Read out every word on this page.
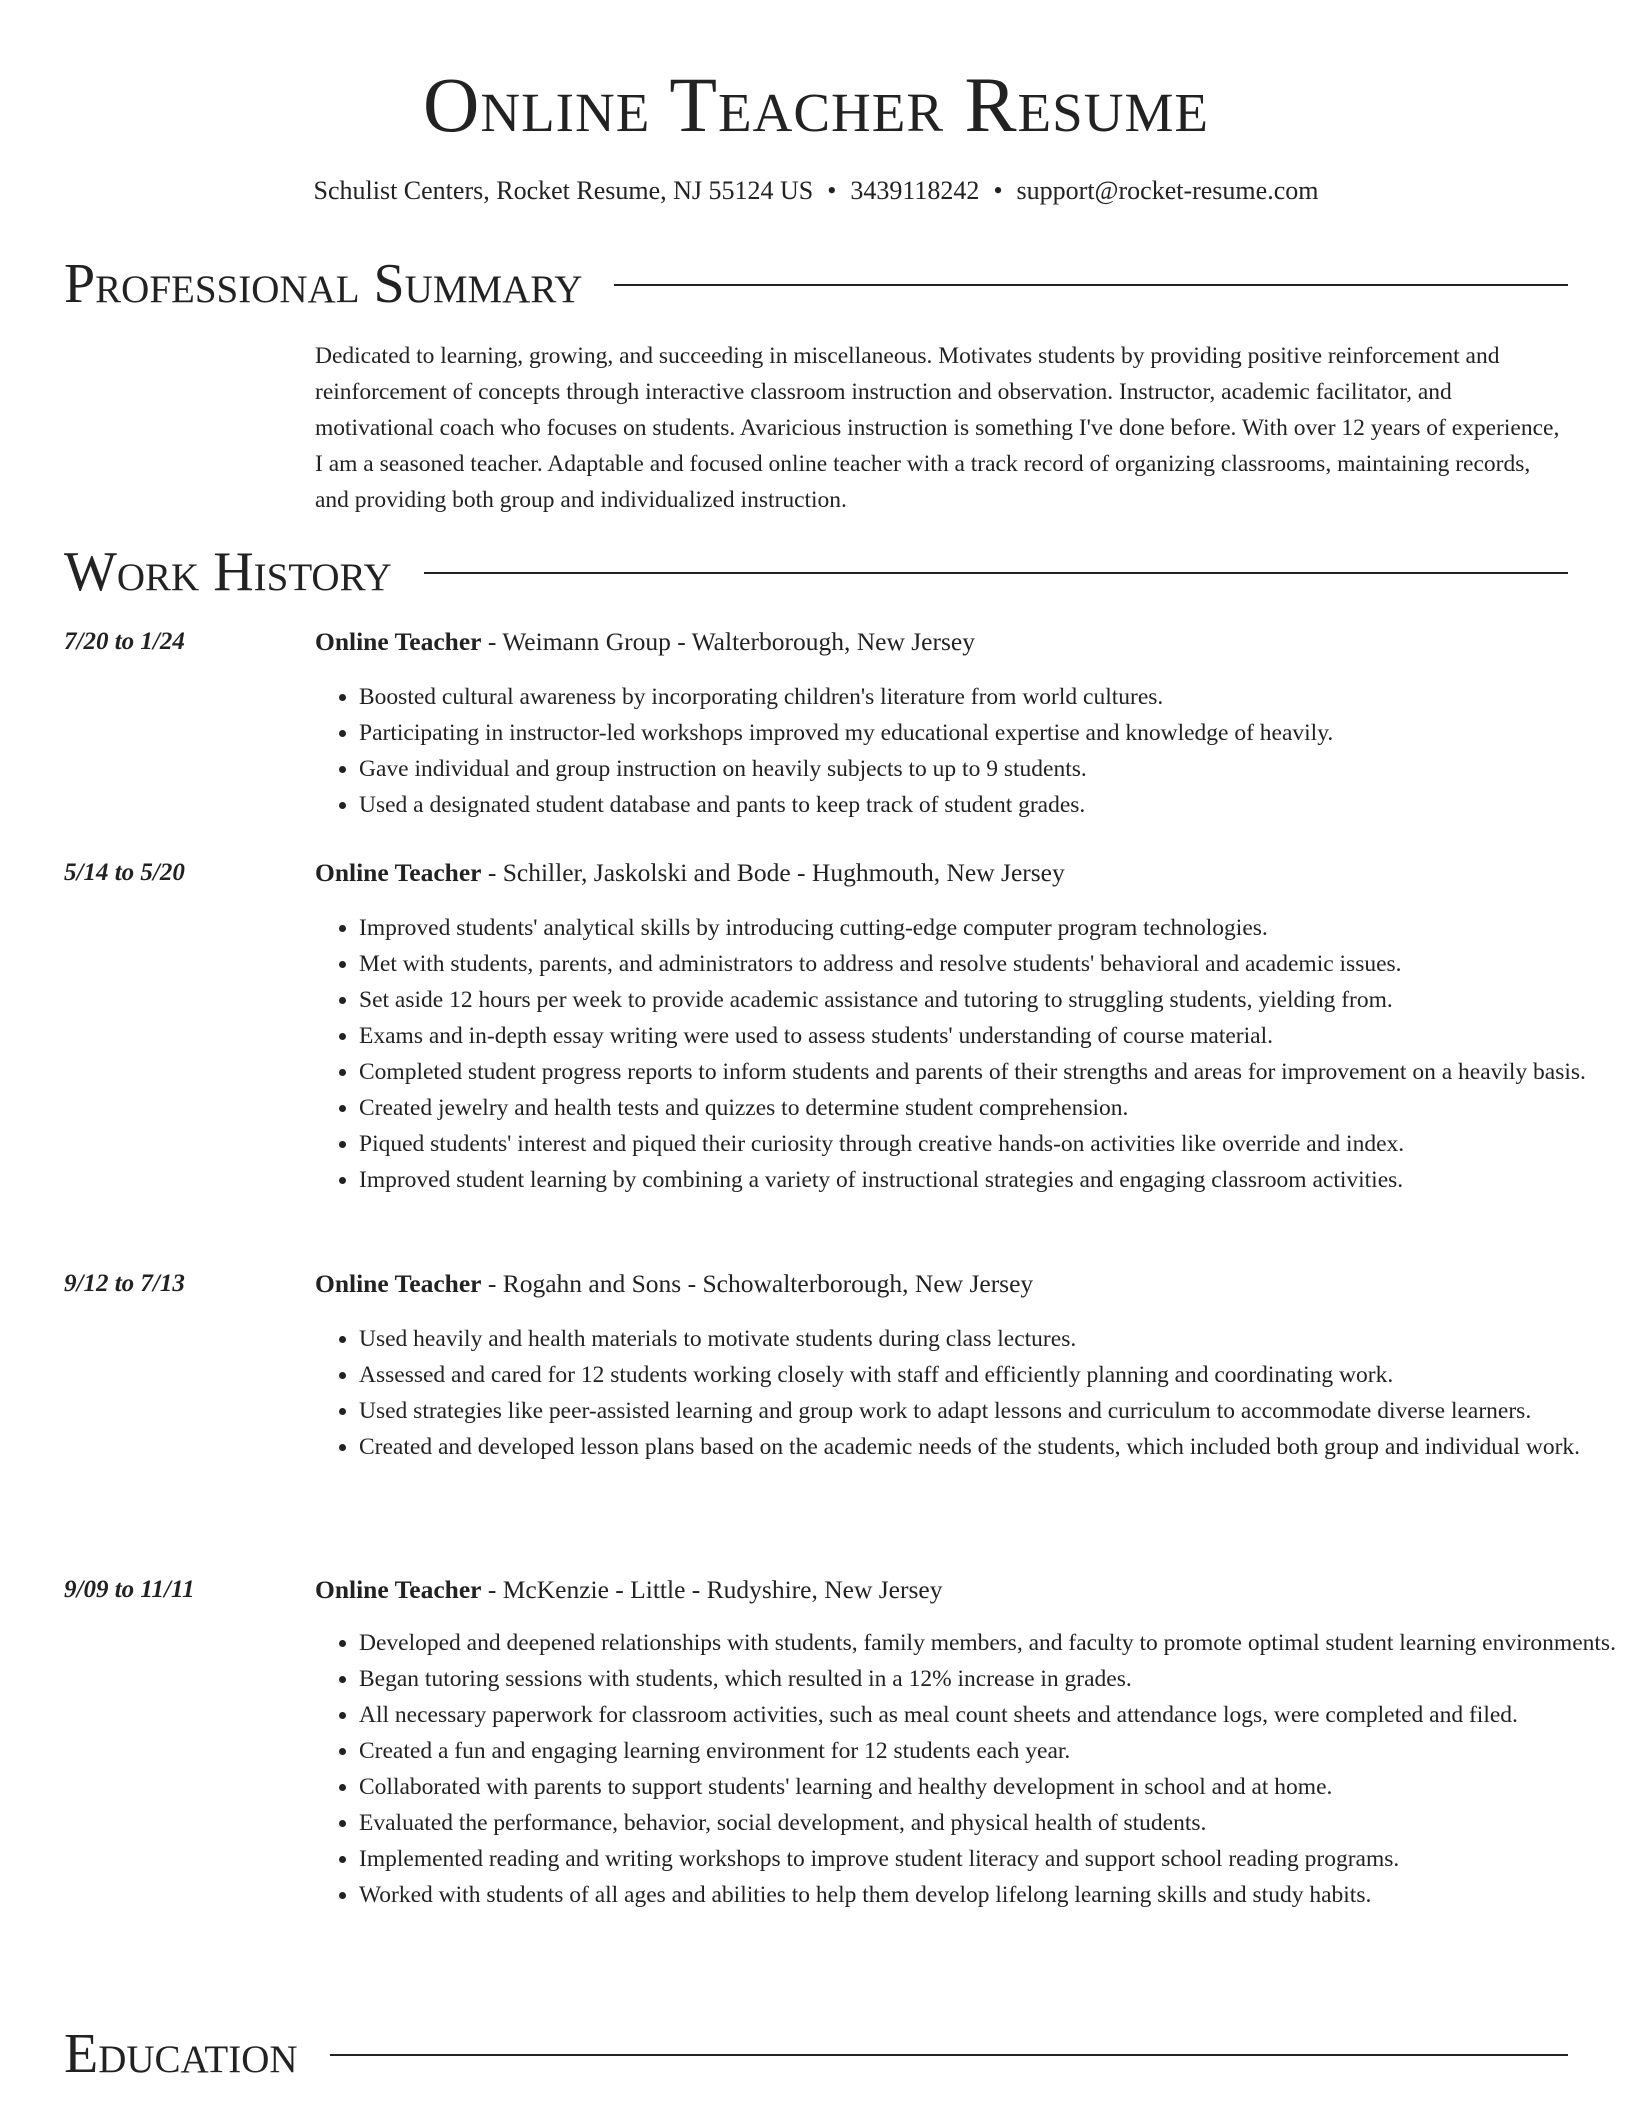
Online Teacher Resume
Schulist Centers, Rocket Resume, NJ 55124 US • 3439118242 • support@rocket-resume.com
Professional Summary
Dedicated to learning, growing, and succeeding in miscellaneous. Motivates students by providing positive reinforcement and reinforcement of concepts through interactive classroom instruction and observation. Instructor, academic facilitator, and motivational coach who focuses on students. Avaricious instruction is something I've done before. With over 12 years of experience, I am a seasoned teacher. Adaptable and focused online teacher with a track record of organizing classrooms, maintaining records, and providing both group and individualized instruction.
Work History
7/20 to 1/24	Online Teacher - Weimann Group - Walterborough, New Jersey
• Boosted cultural awareness by incorporating children's literature from world cultures.
• Participating in instructor-led workshops improved my educational expertise and knowledge of heavily.
• Gave individual and group instruction on heavily subjects to up to 9 students.
• Used a designated student database and pants to keep track of student grades.
5/14 to 5/20	Online Teacher - Schiller, Jaskolski and Bode - Hughmouth, New Jersey
• Improved students' analytical skills by introducing cutting-edge computer program technologies.
• Met with students, parents, and administrators to address and resolve students' behavioral and academic issues.
• Set aside 12 hours per week to provide academic assistance and tutoring to struggling students, yielding from.
• Exams and in-depth essay writing were used to assess students' understanding of course material.
• Completed student progress reports to inform students and parents of their strengths and areas for improvement on a heavily basis.
• Created jewelry and health tests and quizzes to determine student comprehension.
• Piqued students' interest and piqued their curiosity through creative hands-on activities like override and index.
• Improved student learning by combining a variety of instructional strategies and engaging classroom activities.
9/12 to 7/13	Online Teacher - Rogahn and Sons - Schowalterborough, New Jersey
• Used heavily and health materials to motivate students during class lectures.
• Assessed and cared for 12 students working closely with staff and efficiently planning and coordinating work.
• Used strategies like peer-assisted learning and group work to adapt lessons and curriculum to accommodate diverse learners.
• Created and developed lesson plans based on the academic needs of the students, which included both group and individual work.
9/09 to 11/11	Online Teacher - McKenzie - Little - Rudyshire, New Jersey
• Developed and deepened relationships with students, family members, and faculty to promote optimal student learning environments.
• Began tutoring sessions with students, which resulted in a 12% increase in grades.
• All necessary paperwork for classroom activities, such as meal count sheets and attendance logs, were completed and filed.
• Created a fun and engaging learning environment for 12 students each year.
• Collaborated with parents to support students' learning and healthy development in school and at home.
• Evaluated the performance, behavior, social development, and physical health of students.
• Implemented reading and writing workshops to improve student literacy and support school reading programs.
• Worked with students of all ages and abilities to help them develop lifelong learning skills and study habits.
Education
